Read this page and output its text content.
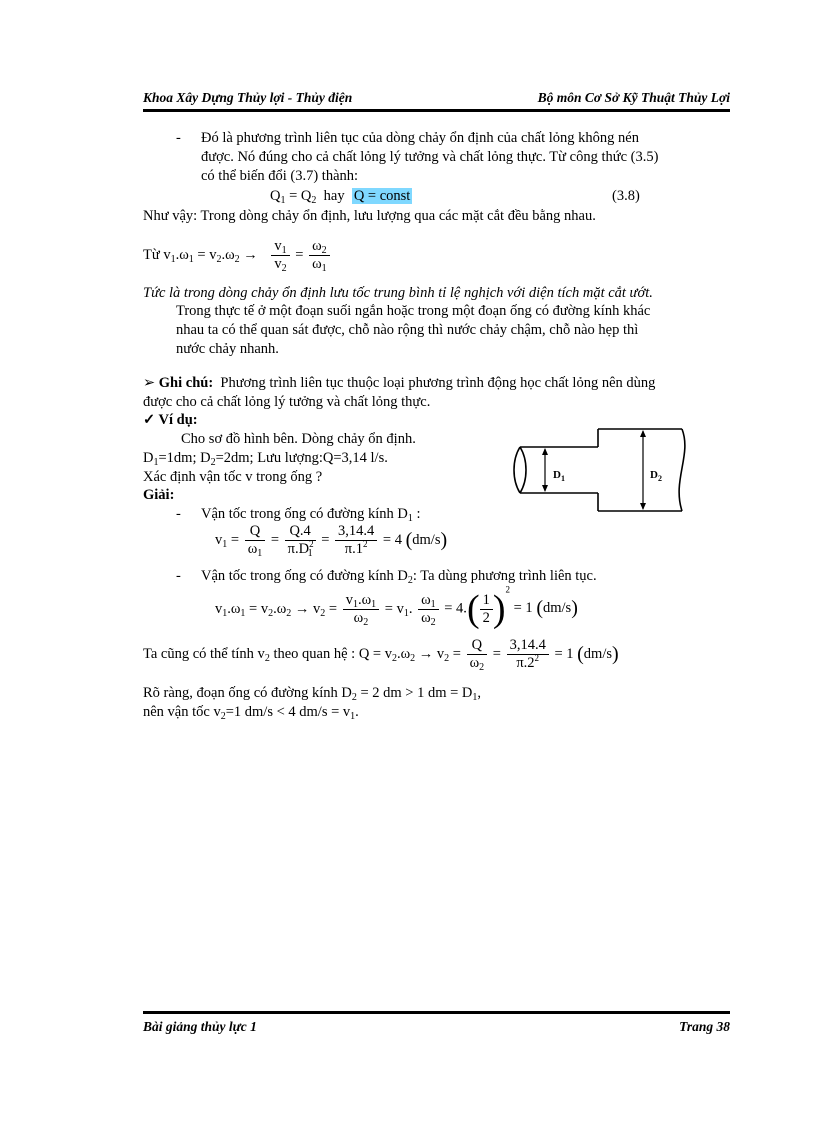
Khoa Xây Dựng Thủy lợi - Thủy điện	Bộ môn Cơ Sở Kỹ Thuật Thủy Lợi
- Đó là phương trình liên tục của dòng chảy ổn định của chất lỏng không nén
được. Nó đúng cho cả chất lỏng lý tưởng và chất lỏng thực. Từ công thức (3.5)
có thể biến đổi (3.7) thành:
$Q_1 = Q_2$  hay  Q = const	(3.8)
Như vậy: Trong dòng chảy ổn định, lưu lượng qua các mặt cắt đều bằng nhau.
Từ $v_1.\omega_1 = v_2.\omega_2 \to \frac{v_1}{v_2} = \frac{\omega_2}{\omega_1}$
Tức là trong dòng chảy ổn định lưu tốc trung bình tỉ lệ nghịch với diện tích mặt cắt ướt.
Trong thực tế ở một đoạn suối ngắn hoặc trong một đoạn ống có đường kính khác
nhau ta có thể quan sát được, chỗ nào rộng thì nước chảy chậm, chỗ nào hẹp thì
nước chảy nhanh.
➢ Ghi chú: Phương trình liên tục thuộc loại phương trình động học chất lỏng nên dùng
được cho cả chất lỏng lý tưởng và chất lỏng thực.
✓ Ví dụ:
Cho sơ đồ hình bên. Dòng chảy ổn định.
$D_1=1dm$; $D_2=2dm$; Lưu lượng:Q=3,14 l/s.
Xác định vận tốc v trong ống ?
Giải:
$D_1$	$D_2$
- Vận tốc trong ống có đường kính $D_1$ :
$v_1 = \frac{Q}{\omega_1} = \frac{Q.4}{\pi.D^2_1} = \frac{3,14.4}{\pi.1^2} = 4$ (dm/s)
- Vận tốc trong ống có đường kính $D_2$: Ta dùng phương trình liên tục.
$v_1.\omega_1 = v_2.\omega_2 \to v_2 = \frac{v_1.\omega_1}{\omega_2} = v_1$. $\frac{\omega_1}{\omega_2} = 4.( \frac{1}{2} )^2 = 1$ (dm/s)
Ta cũng có thể tính $v_2$ theo quan hệ : $Q = v_2.\omega_2 \to v_2 = \frac{Q}{\omega_2} = \frac{3,14.4}{\pi.2^2} = 1$ (dm/s)
Rõ ràng, đoạn ống có đường kính $D_2 = 2$ dm > 1 dm = $D_1$,
nên vận tốc $v_2=1$ dm/s < 4 $dm/s = v_1$.
Bài giảng thủy lực 1	Trang 38
